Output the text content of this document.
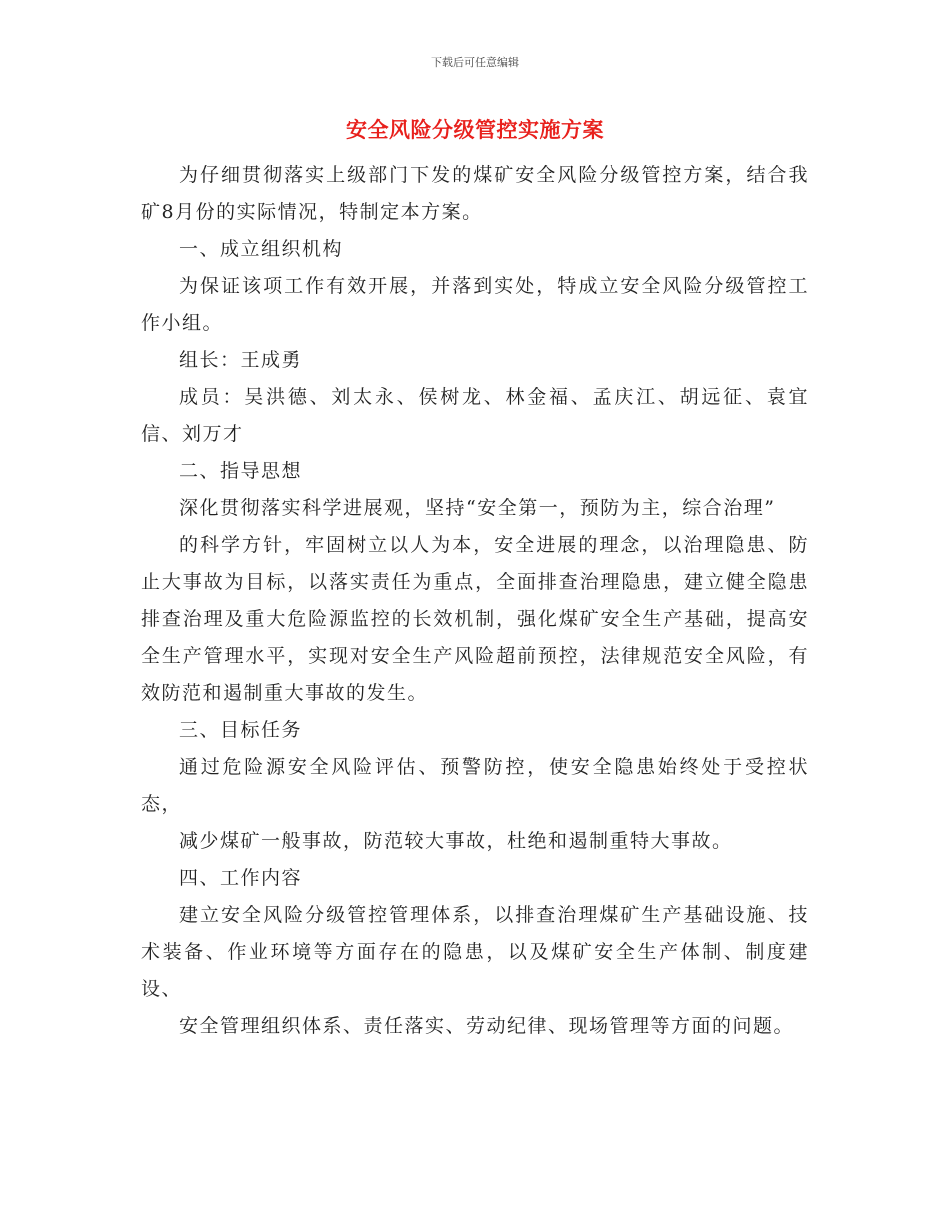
下载后可任意编辑
安全风险分级管控实施方案

为仔细贯彻落实上级部门下发的煤矿安全风险分级管控方案，结合我矿8月份的实际情况，特制定本方案。

一、成立组织机构

为保证该项工作有效开展，并落到实处，特成立安全风险分级管控工作小组。

组长：王成勇

成员：吴洪德、刘太永、侯树龙、林金福、孟庆江、胡远征、袁宜信、刘万才

二、指导思想

深化贯彻落实科学进展观，坚持“安全第一，预防为主，综合治理”

的科学方针，牢固树立以人为本，安全进展的理念，以治理隐患、防止大事故为目标，以落实责任为重点，全面排查治理隐患，建立健全隐患排查治理及重大危险源监控的长效机制，强化煤矿安全生产基础，提高安全生产管理水平，实现对安全生产风险超前预控，法律规范安全风险，有效防范和遏制重大事故的发生。

三、目标任务

通过危险源安全风险评估、预警防控，使安全隐患始终处于受控状态，

减少煤矿一般事故，防范较大事故，杜绝和遏制重特大事故。

四、工作内容

建立安全风险分级管控管理体系，以排查治理煤矿生产基础设施、技术装备、作业环境等方面存在的隐患，以及煤矿安全生产体制、制度建设、

安全管理组织体系、责任落实、劳动纪律、现场管理等方面的问题。
